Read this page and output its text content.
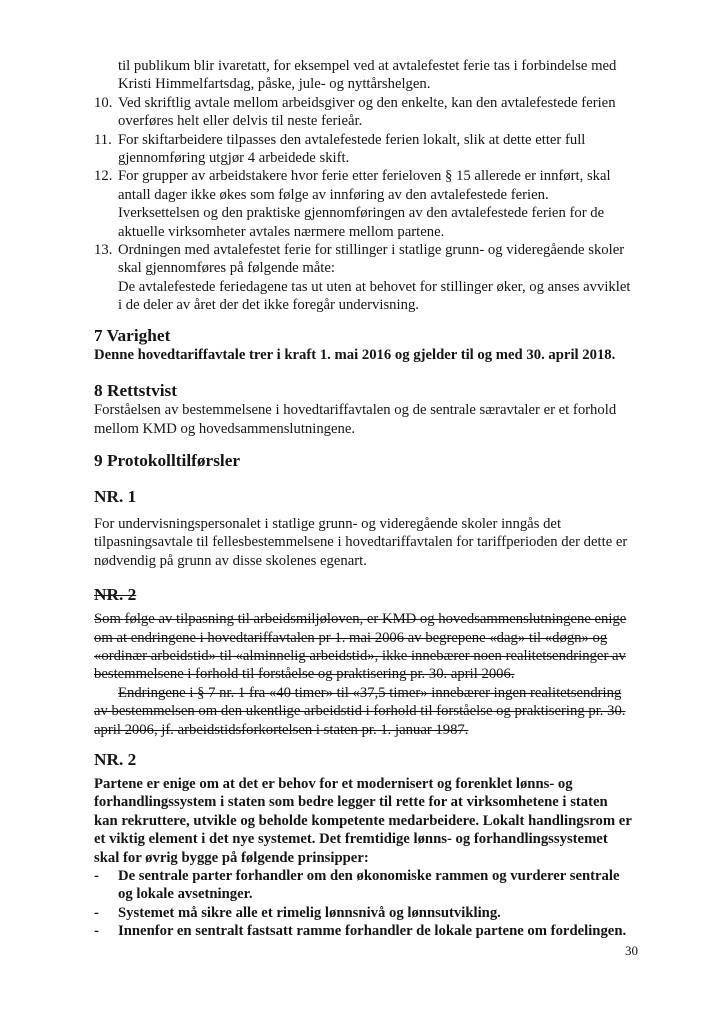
til publikum blir ivaretatt, for eksempel ved at avtalefestet ferie tas i forbindelse med Kristi Himmelfartsdag, påske, jule- og nyttårshelgen.
10. Ved skriftlig avtale mellom arbeidsgiver og den enkelte, kan den avtalefestede ferien overføres helt eller delvis til neste ferieår.
11. For skiftarbeidere tilpasses den avtalefestede ferien lokalt, slik at dette etter full gjennomføring utgjør 4 arbeidede skift.
12. For grupper av arbeidstakere hvor ferie etter ferieloven § 15 allerede er innført, skal antall dager ikke økes som følge av innføring av den avtalefestede ferien. Iverksettelsen og den praktiske gjennomføringen av den avtalefestede ferien for de aktuelle virksomheter avtales nærmere mellom partene.
13. Ordningen med avtalefestet ferie for stillinger i statlige grunn- og videregående skoler skal gjennomføres på følgende måte:
De avtalefestede feriedagene tas ut uten at behovet for stillinger øker, og anses avviklet i de deler av året der det ikke foregår undervisning.
7 Varighet
Denne hovedtariffavtale trer i kraft 1. mai 2016 og gjelder til og med 30. april 2018.
8 Rettstvist
Forståelsen av bestemmelsene i hovedtariffavtalen og de sentrale særavtaler er et forhold mellom KMD og hovedsammenslutningene.
9 Protokolltilførsler
NR. 1
For undervisningspersonalet i statlige grunn- og videregående skoler inngås det tilpasningsavtale til fellesbestemmelsene i hovedtariffavtalen for tariffperioden der dette er nødvendig på grunn av disse skolenes egenart.
NR. 2
Som følge av tilpasning til arbeidsmiljøloven, er KMD og hovedsammenslutningene enige om at endringene i hovedtariffavtalen pr 1. mai 2006 av begrepene «dag» til «døgn» og «ordinær arbeidstid» til «alminnelig arbeidstid», ikke innebærer noen realitetsendringer av bestemmelsene i forhold til forståelse og praktisering pr. 30. april 2006.
Endringene i § 7 nr. 1 fra «40 timer» til «37,5 timer» innebærer ingen realitetsendring av bestemmelsen om den ukentlige arbeidstid i forhold til forståelse og praktisering pr. 30. april 2006, jf. arbeidstidsforkortelsen i staten pr. 1. januar 1987.
NR. 2
Partene er enige om at det er behov for et modernisert og forenklet lønns- og forhandlingssystem i staten som bedre legger til rette for at virksomhetene i staten kan rekruttere, utvikle og beholde kompetente medarbeidere. Lokalt handlingsrom er et viktig element i det nye systemet. Det fremtidige lønns- og forhandlingssystemet skal for øvrig bygge på følgende prinsipper:
-	De sentrale parter forhandler om den økonomiske rammen og vurderer sentrale og lokale avsetninger.
-	Systemet må sikre alle et rimelig lønnsnivå og lønnsutvikling.
-	Innenfor en sentralt fastsatt ramme forhandler de lokale partene om fordelingen.
30
